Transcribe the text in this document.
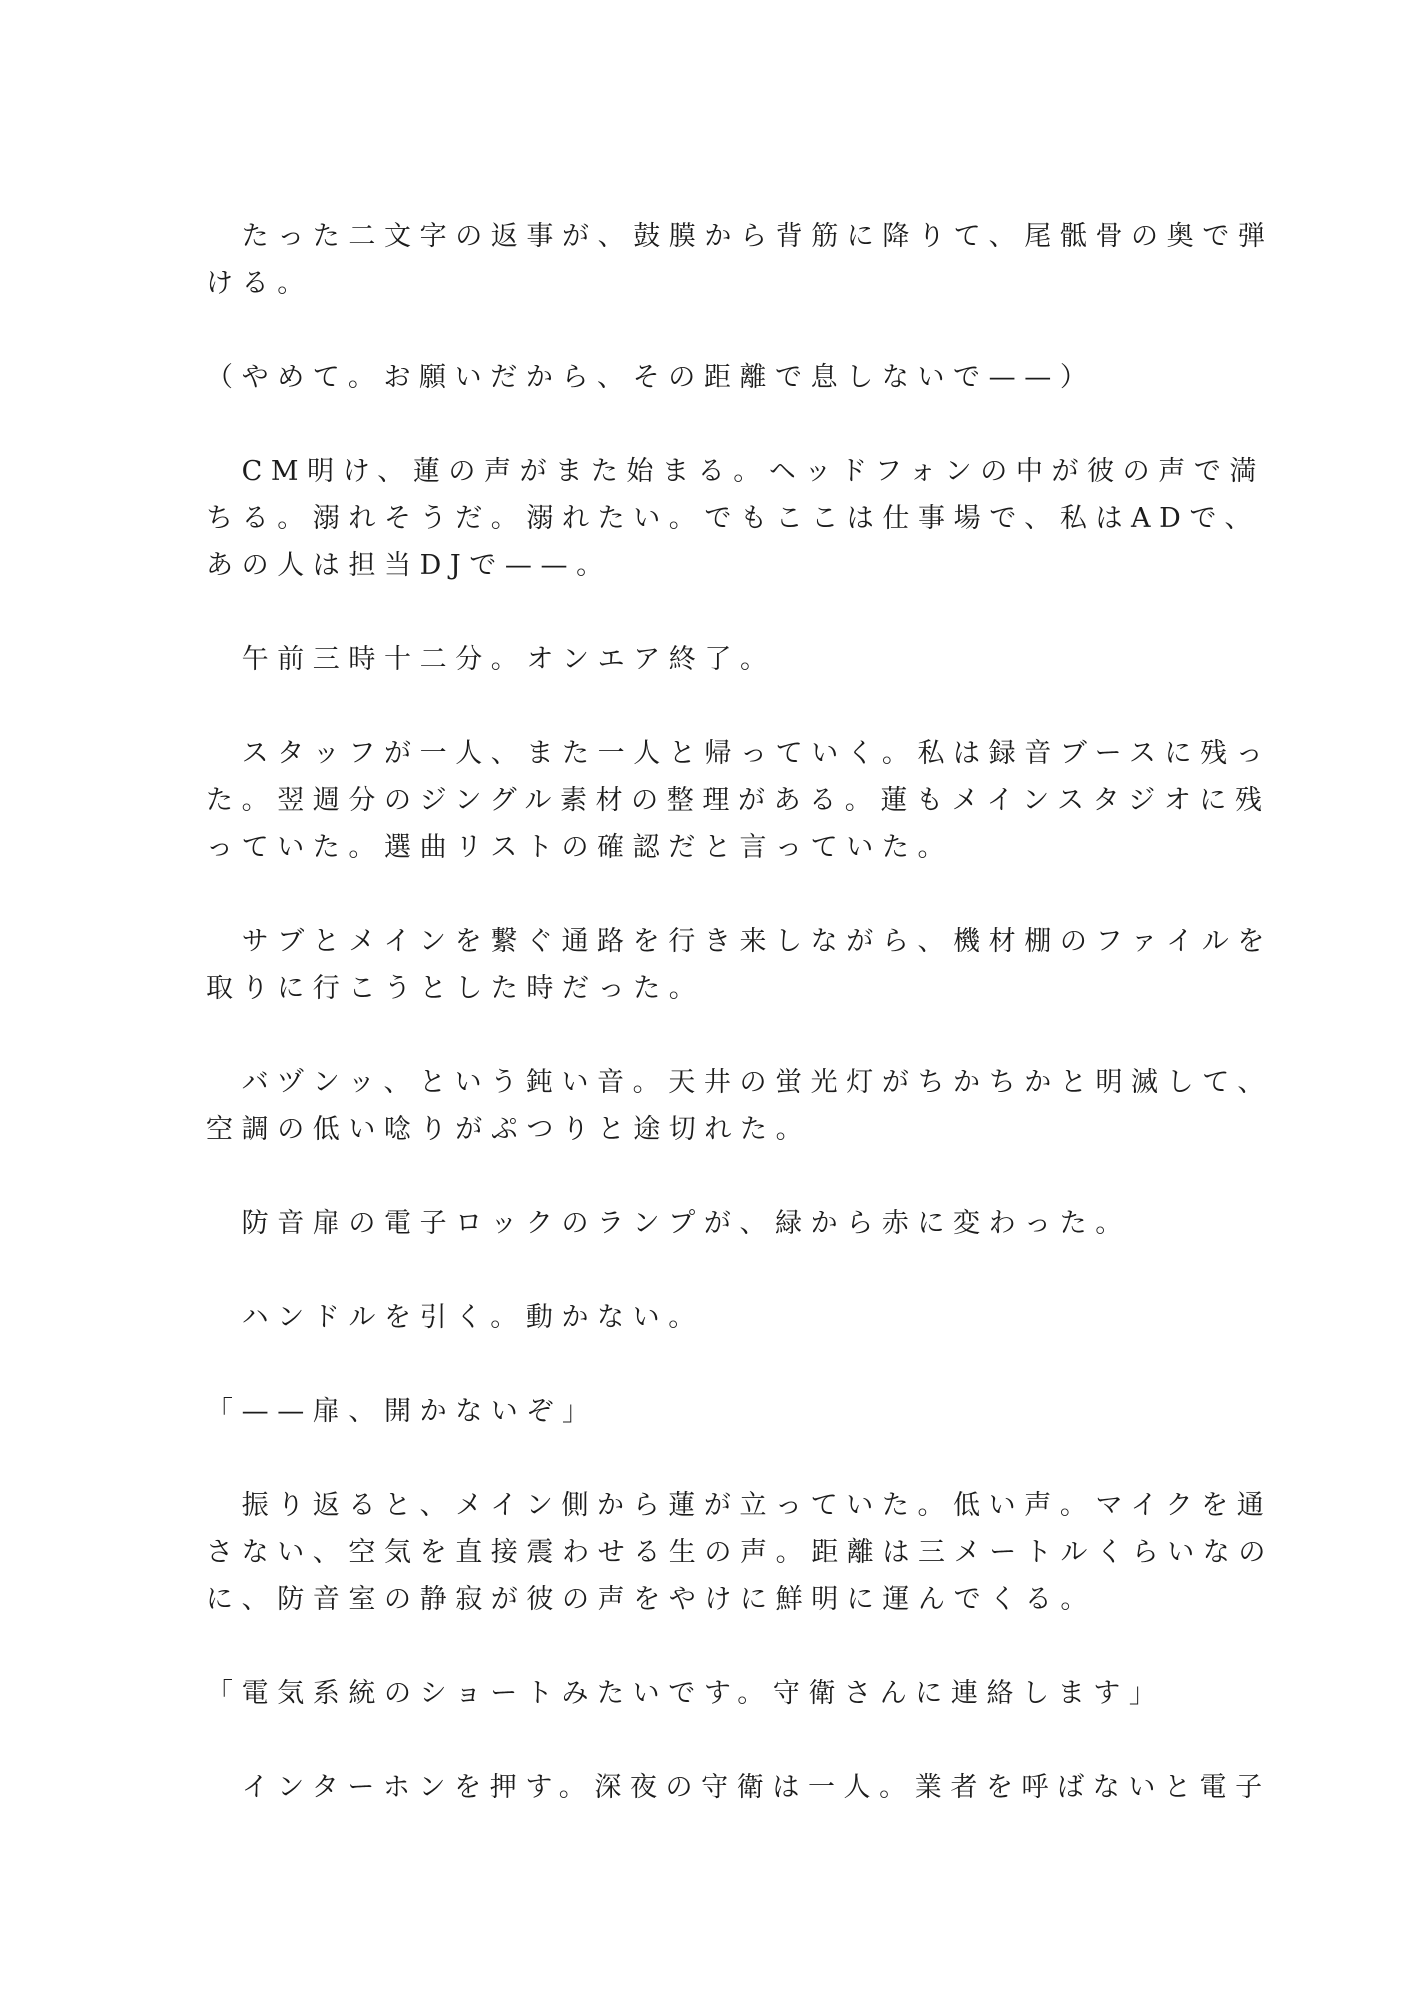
　たった二文字の返事が、鼓膜から背筋に降りて、尾骶骨の奥で弾
ける。
（やめて。お願いだから、その距離で息しないで——）
　CM明け、蓮の声がまた始まる。ヘッドフォンの中が彼の声で満
ちる。溺れそうだ。溺れたい。でもここは仕事場で、私はADで、
あの人は担当DJで——。
　午前三時十二分。オンエア終了。
　スタッフが一人、また一人と帰っていく。私は録音ブースに残っ
た。翌週分のジングル素材の整理がある。蓮もメインスタジオに残
っていた。選曲リストの確認だと言っていた。
　サブとメインを繋ぐ通路を行き来しながら、機材棚のファイルを
取りに行こうとした時だった。
　バヅンッ、という鈍い音。天井の蛍光灯がちかちかと明滅して、
空調の低い唸りがぷつりと途切れた。
　防音扉の電子ロックのランプが、緑から赤に変わった。
　ハンドルを引く。動かない。
「——扉、開かないぞ」
　振り返ると、メイン側から蓮が立っていた。低い声。マイクを通
さない、空気を直接震わせる生の声。距離は三メートルくらいなの
に、防音室の静寂が彼の声をやけに鮮明に運んでくる。
「電気系統のショートみたいです。守衛さんに連絡します」
　インターホンを押す。深夜の守衛は一人。業者を呼ばないと電子
